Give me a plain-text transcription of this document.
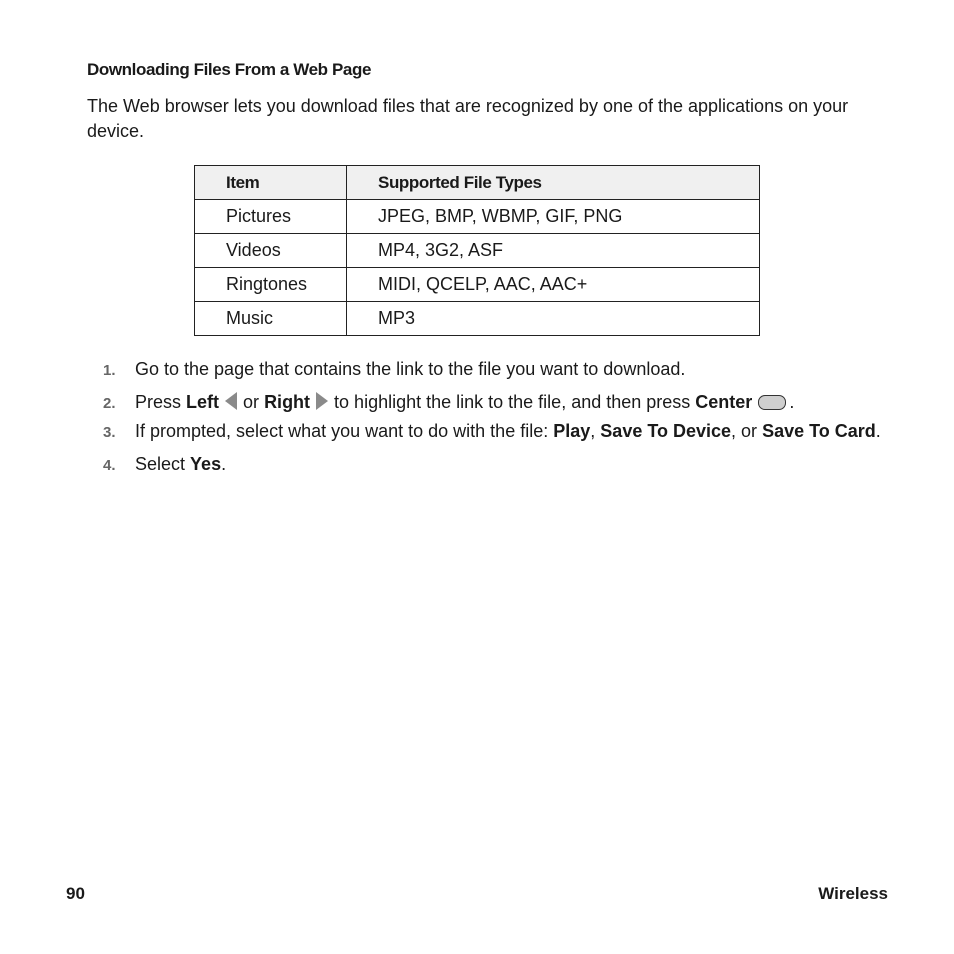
Downloading Files From a Web Page
The Web browser lets you download files that are recognized by one of the applications on your device.
Item	Supported File Types
Pictures	JPEG, BMP, WBMP, GIF, PNG
Videos	MP4, 3G2, ASF
Ringtones	MIDI, QCELP, AAC, AAC+
Music	MP3
1. Go to the page that contains the link to the file you want to download.
2. Press Left or Right to highlight the link to the file, and then press Center .
3. If prompted, select what you want to do with the file: Play, Save To Device, or Save To Card.
4. Select Yes.
90	Wireless
